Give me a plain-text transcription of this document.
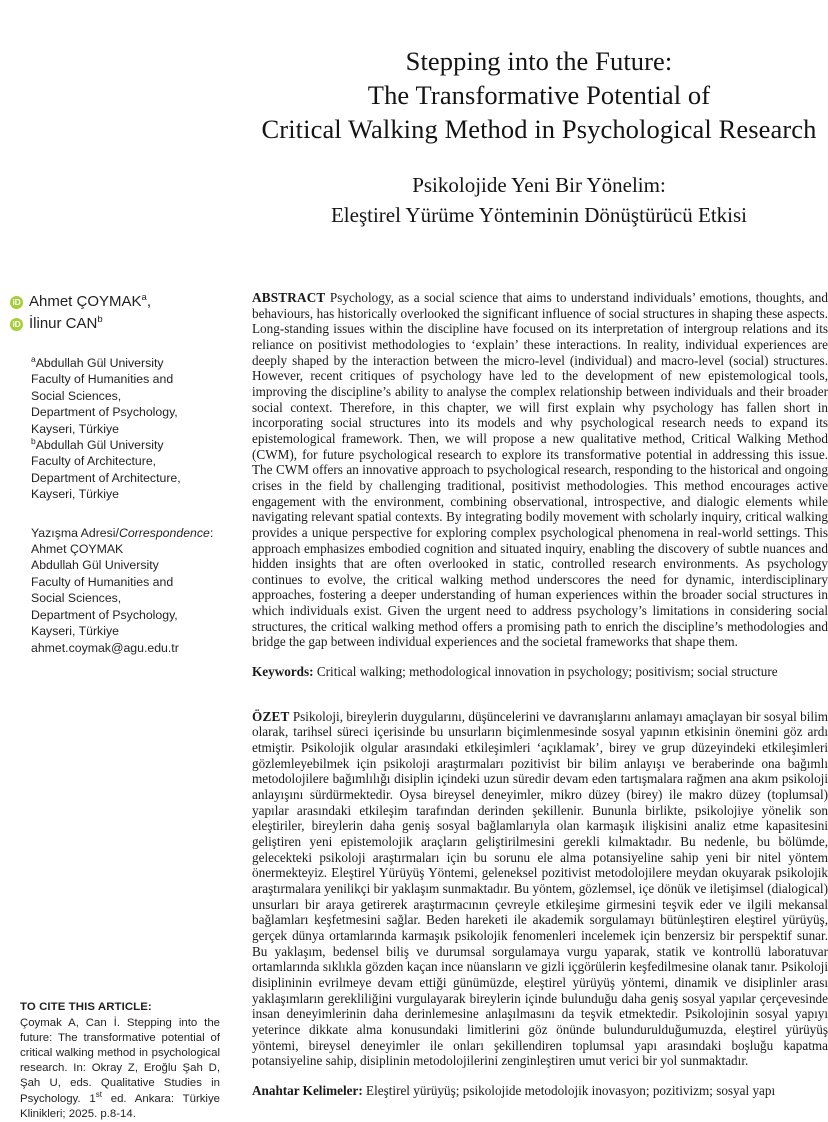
Stepping into the Future:
The Transformative Potential of
Critical Walking Method in Psychological Research
Psikolojide Yeni Bir Yönelim:
Eleştirel Yürüme Yönteminin Dönüştürücü Etkisi
iD
Ahmet ÇOYMAK$^a$,
iD
İlinur CAN$^b$
$^a$Abdullah Gül University
Faculty of Humanities and
Social Sciences,
Department of Psychology,
Kayseri, Türkiye
$^b$Abdullah Gül University
Faculty of Architecture,
Department of Architecture,
Kayseri, Türkiye
Yazışma Adresi/Correspondence:
Ahmet ÇOYMAK
Abdullah Gül University
Faculty of Humanities and
Social Sciences,
Department of Psychology,
Kayseri, Türkiye
ahmet.coymak@agu.edu.tr
TO CITE THIS ARTICLE:
Çoymak A, Can İ. Stepping into the future: The transformative potential of critical walking method in psychological research. In: Okray Z, Eroğlu Şah D, Şah U, eds. Qualitative Studies in Psychology. 1st ed. Ankara: Türkiye Klinikleri; 2025. p.8-14.

ABSTRACT Psychology, as a social science that aims to understand individuals’ emotions, thoughts, and behaviours, has historically overlooked the significant influence of social structures in shaping these aspects. Long-standing issues within the discipline have focused on its interpretation of intergroup relations and its reliance on positivist methodologies to ‘explain’ these interactions. In reality, individual experiences are deeply shaped by the interaction between the micro-level (individual) and macro-level (social) structures. However, recent critiques of psychology have led to the development of new epistemological tools, improving the discipline’s ability to analyse the complex relationship between individuals and their broader social context. Therefore, in this chapter, we will first explain why psychology has fallen short in incorporating social structures into its models and why psychological research needs to expand its epistemological framework. Then, we will propose a new qualitative method, Critical Walking Method (CWM), for future psychological research to explore its transformative potential in addressing this issue. The CWM offers an innovative approach to psychological research, responding to the historical and ongoing crises in the field by challenging traditional, positivist methodologies. This method encourages active engagement with the environment, combining observational, introspective, and dialogic elements while navigating relevant spatial contexts. By integrating bodily movement with scholarly inquiry, critical walking provides a unique perspective for exploring complex psychological phenomena in real-world settings. This approach emphasizes embodied cognition and situated inquiry, enabling the discovery of subtle nuances and hidden insights that are often overlooked in static, controlled research environments. As psychology continues to evolve, the critical walking method underscores the need for dynamic, interdisciplinary approaches, fostering a deeper understanding of human experiences within the broader social structures in which individuals exist. Given the urgent need to address psychology’s limitations in considering social structures, the critical walking method offers a promising path to enrich the discipline’s methodologies and bridge the gap between individual experiences and the societal frameworks that shape them.

Keywords: Critical walking; methodological innovation in psychology; positivism; social structure

ÖZET Psikoloji, bireylerin duygularını, düşüncelerini ve davranışlarını anlamayı amaçlayan bir sosyal bilim olarak, tarihsel süreci içerisinde bu unsurların biçimlenmesinde sosyal yapının etkisinin önemini göz ardı etmiştir. Psikolojik olgular arasındaki etkileşimleri ‘açıklamak’, birey ve grup düzeyindeki etkileşimleri gözlemleyebilmek için psikoloji araştırmaları pozitivist bir bilim anlayışı ve beraberinde ona bağımlı metodolojilere bağımlılığı disiplin içindeki uzun süredir devam eden tartışmalara rağmen ana akım psikoloji anlayışını sürdürmektedir. Oysa bireysel deneyimler, mikro düzey (birey) ile makro düzey (toplumsal) yapılar arasındaki etkileşim tarafından derinden şekillenir. Bununla birlikte, psikolojiye yönelik son eleştiriler, bireylerin daha geniş sosyal bağlamlarıyla olan karmaşık ilişkisini analiz etme kapasitesini geliştiren yeni epistemolojik araçların geliştirilmesini gerekli kılmaktadır. Bu nedenle, bu bölümde, gelecekteki psikoloji araştırmaları için bu sorunu ele alma potansiyeline sahip yeni bir nitel yöntem önermekteyiz. Eleştirel Yürüyüş Yöntemi, geleneksel pozitivist metodolojilere meydan okuyarak psikolojik araştırmalara yenilikçi bir yaklaşım sunmaktadır. Bu yöntem, gözlemsel, içe dönük ve iletişimsel (dialogical) unsurları bir araya getirerek araştırmacının çevreyle etkileşime girmesini teşvik eder ve ilgili mekansal bağlamları keşfetmesini sağlar. Beden hareketi ile akademik sorgulamayı bütünleştiren eleştirel yürüyüş, gerçek dünya ortamlarında karmaşık psikolojik fenomenleri incelemek için benzersiz bir perspektif sunar. Bu yaklaşım, bedensel biliş ve durumsal sorgulamaya vurgu yaparak, statik ve kontrollü laboratuvar ortamlarında sıklıkla gözden kaçan ince nüansların ve gizli içgörülerin keşfedilmesine olanak tanır. Psikoloji disiplininin evrilmeye devam ettiği günümüzde, eleştirel yürüyüş yöntemi, dinamik ve disiplinler arası yaklaşımların gerekliliğini vurgulayarak bireylerin içinde bulunduğu daha geniş sosyal yapılar çerçevesinde insan deneyimlerinin daha derinlemesine anlaşılmasını da teşvik etmektedir. Psikolojinin sosyal yapıyı yeterince dikkate alma konusundaki limitlerini göz önünde bulundurulduğumuzda, eleştirel yürüyüş yöntemi, bireysel deneyimler ile onları şekillendiren toplumsal yapı arasındaki boşluğu kapatma potansiyeline sahip, disiplinin metodolojilerini zenginleştiren umut verici bir yol sunmaktadır.

Anahtar Kelimeler: Eleştirel yürüyüş; psikolojide metodolojik inovasyon; pozitivizm; sosyal yapı
